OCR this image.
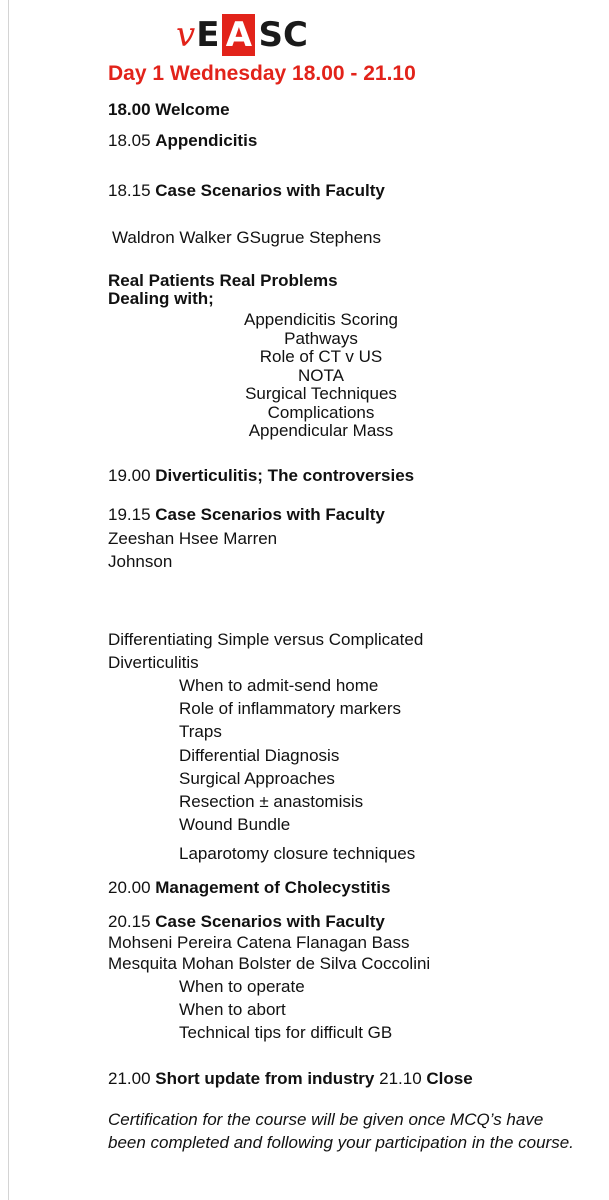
v E A SC
Day 1 Wednesday 18.00 - 21.10
18.00 Welcome
18.05 Appendicitis
18.15 Case Scenarios with Faculty
Waldron Walker GSugrue Stephens
Real Patients Real Problems
Dealing with;
Appendicitis Scoring
Pathways
Role of CT v US
NOTA
Surgical Techniques
Complications
Appendicular Mass
19.00 Diverticulitis; The controversies
19.15 Case Scenarios with Faculty
Zeeshan Hsee Marren
Johnson
Differentiating Simple versus Complicated
Diverticulitis
When to admit-send home
Role of inflammatory markers
Traps
Differential Diagnosis
Surgical Approaches
Resection ± anastomisis
Wound Bundle
Laparotomy closure techniques
20.00 Management of Cholecystitis
20.15 Case Scenarios with Faculty
Mohseni Pereira Catena Flanagan Bass
Mesquita Mohan Bolster de Silva Coccolini
When to operate
When to abort
Technical tips for difficult GB
21.00 Short update from industry 21.10 Close
Certification for the course will be given once MCQ’s have been completed and following your participation in the course.
